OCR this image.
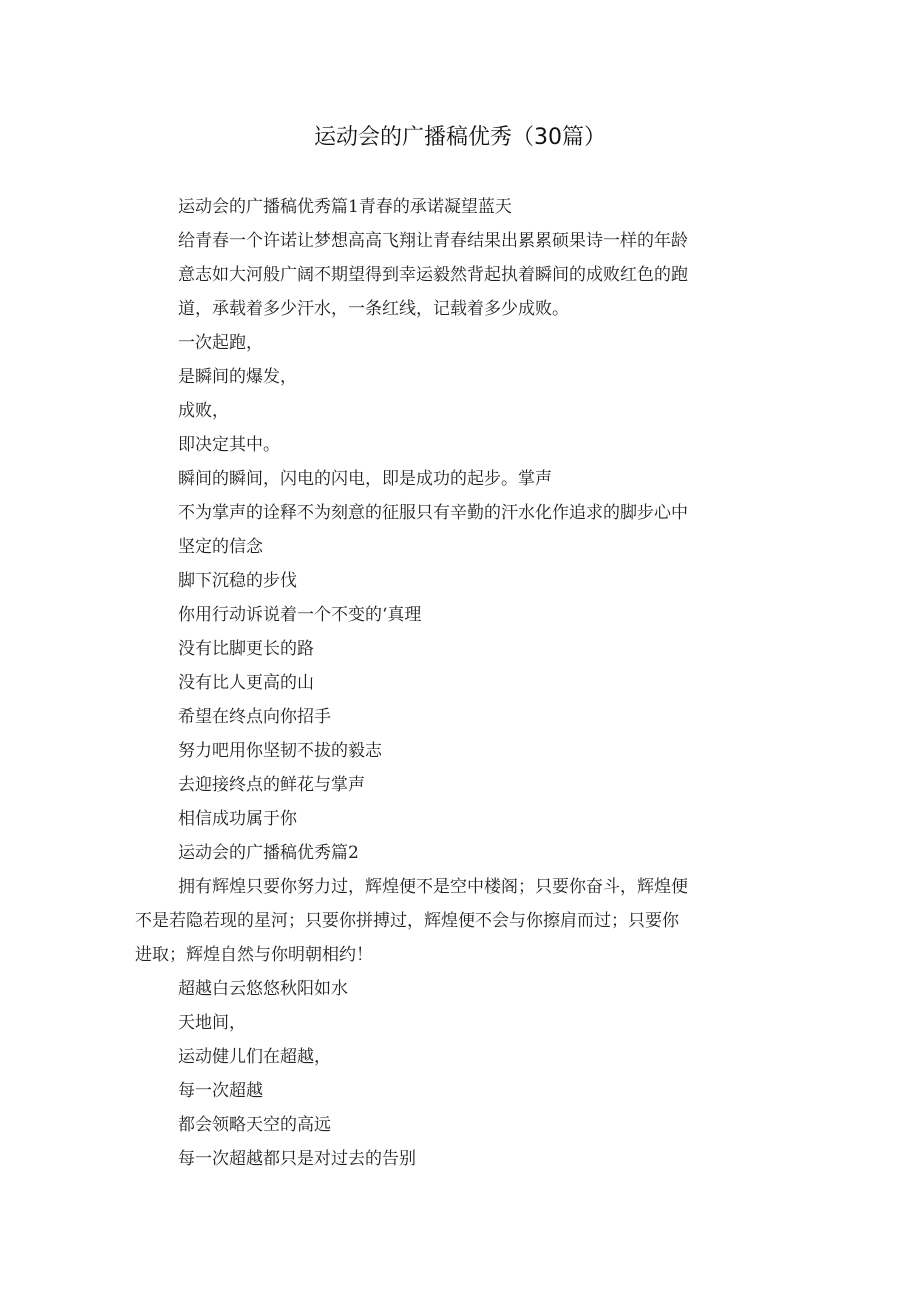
运动会的广播稿优秀（30篇）
运动会的广播稿优秀篇1青春的承诺凝望蓝天
给青春一个许诺让梦想高高飞翔让青春结果出累累硕果诗一样的年龄
意志如大河般广阔不期望得到幸运毅然背起执着瞬间的成败红色的跑
道，承载着多少汗水，一条红线，记载着多少成败。
一次起跑，
是瞬间的爆发，
成败，
即决定其中。
瞬间的瞬间，闪电的闪电，即是成功的起步。掌声
不为掌声的诠释不为刻意的征服只有辛勤的汗水化作追求的脚步心中
坚定的信念
脚下沉稳的步伐
你用行动诉说着一个不变的‘真理
没有比脚更长的路
没有比人更高的山
希望在终点向你招手
努力吧用你坚韧不拔的毅志
去迎接终点的鲜花与掌声
相信成功属于你
运动会的广播稿优秀篇2
拥有辉煌只要你努力过，辉煌便不是空中楼阁；只要你奋斗，辉煌便
不是若隐若现的星河；只要你拼搏过，辉煌便不会与你擦肩而过；只要你
进取；辉煌自然与你明朝相约！
超越白云悠悠秋阳如水
天地间，
运动健儿们在超越，
每一次超越
都会领略天空的高远
每一次超越都只是对过去的告别
